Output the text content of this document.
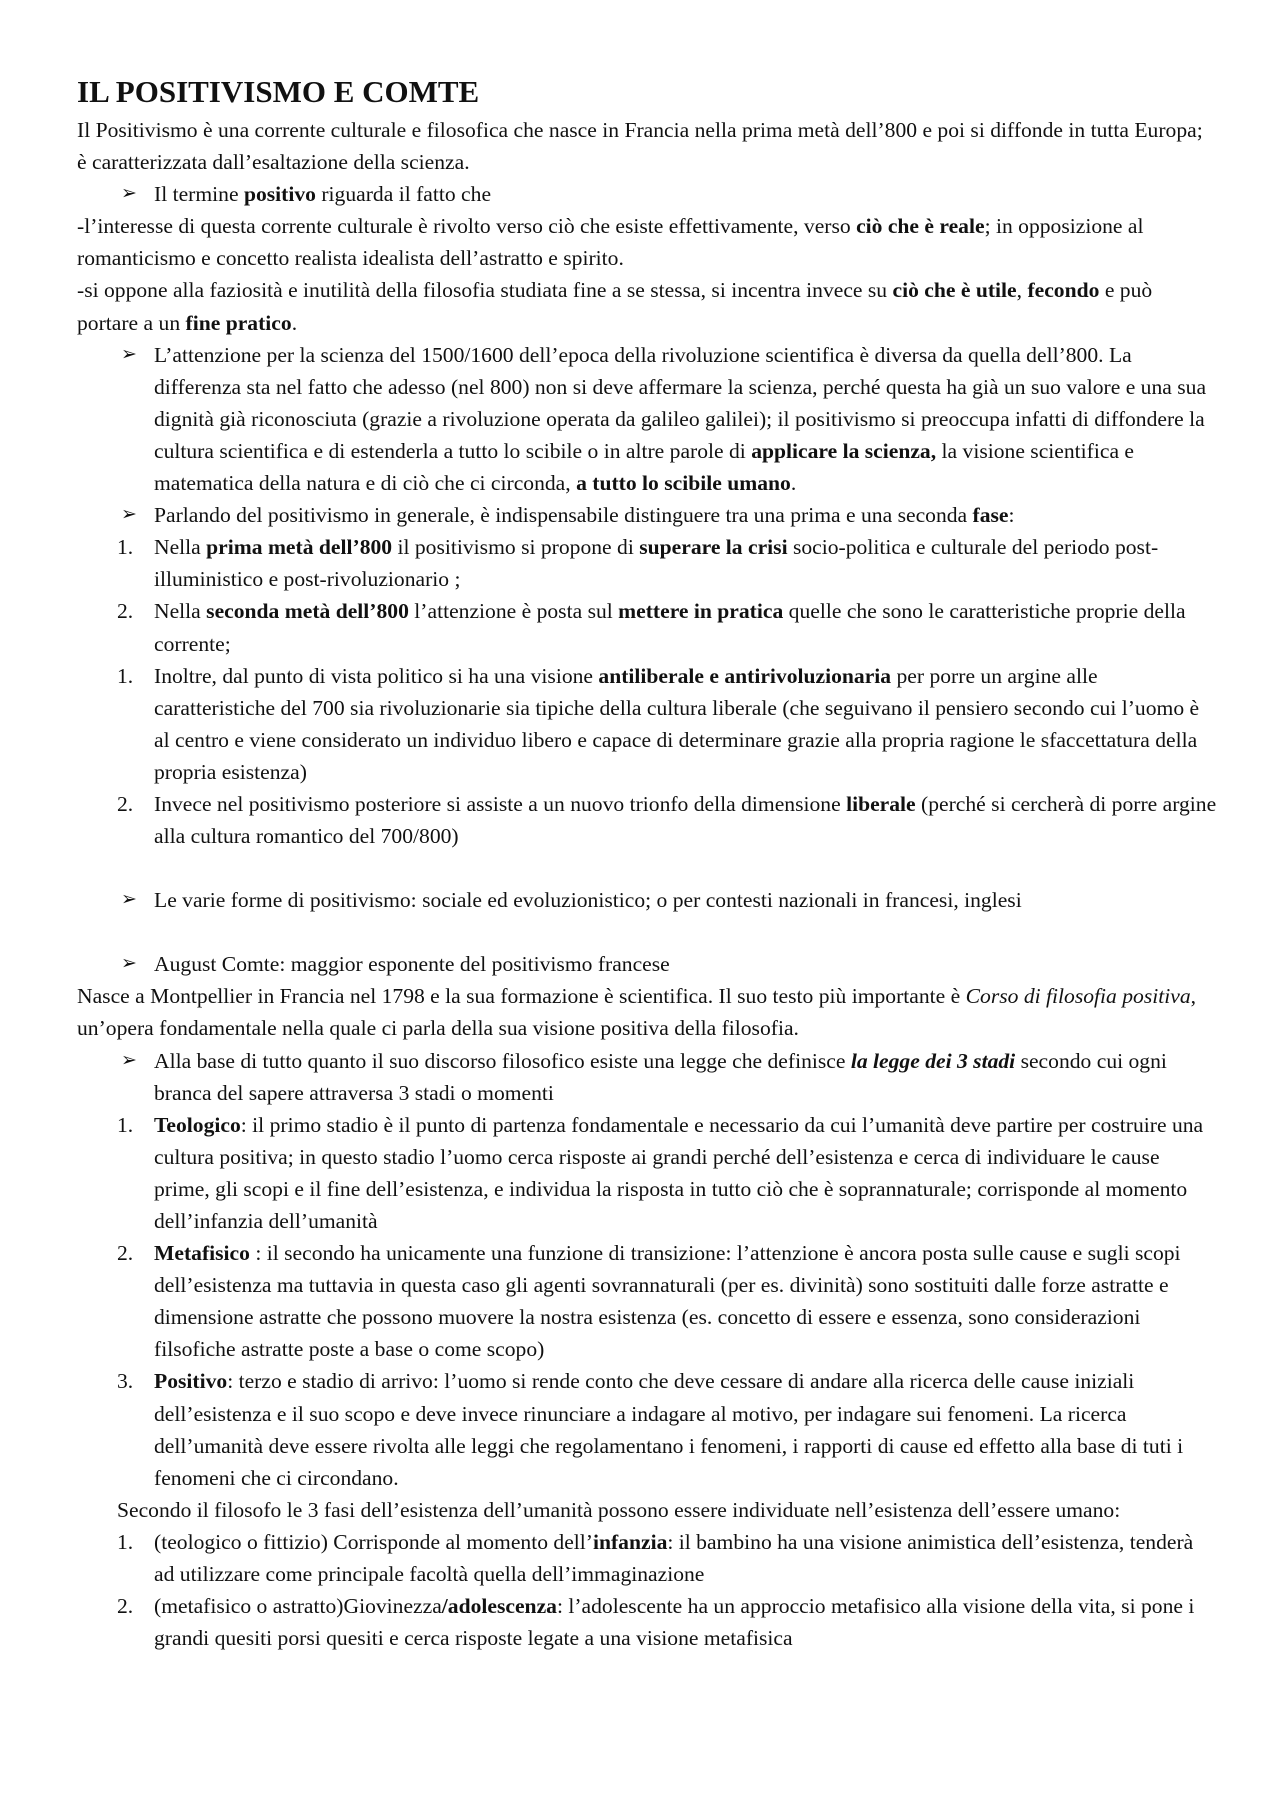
IL POSITIVISMO E COMTE

Il Positivismo è una corrente culturale e filosofica che nasce in Francia nella prima metà dell’800 e poi si diffonde in tutta Europa; è caratterizzata dall’esaltazione della scienza.

➢ Il termine positivo riguarda il fatto che

-l’interesse di questa corrente culturale è rivolto verso ciò che esiste effettivamente, verso ciò che è reale; in opposizione al romanticismo e concetto realista idealista dell’astratto e spirito.

-si oppone alla faziosità e inutilità della filosofia studiata fine a se stessa, si incentra invece su ciò che è utile, fecondo e può portare a un fine pratico.

➢ L’attenzione per la scienza del 1500/1600 dell’epoca della rivoluzione scientifica è diversa da quella dell’800. La differenza sta nel fatto che adesso (nel 800) non si deve affermare la scienza, perché questa ha già un suo valore e una sua dignità già riconosciuta (grazie a rivoluzione operata da galileo galilei); il positivismo si preoccupa infatti di diffondere la cultura scientifica e di estenderla a tutto lo scibile o in altre parole di applicare la scienza, la visione scientifica e matematica della natura e di ciò che ci circonda, a tutto lo scibile umano.

➢ Parlando del positivismo in generale, è indispensabile distinguere tra una prima e una seconda fase:

1. Nella prima metà dell’800 il positivismo si propone di superare la crisi socio-politica e culturale del periodo post-illuministico e post-rivoluzionario ;

2. Nella seconda metà dell’800 l’attenzione è posta sul mettere in pratica quelle che sono le caratteristiche proprie della corrente;

1. Inoltre, dal punto di vista politico si ha una visione antiliberale e antirivoluzionaria per porre un argine alle caratteristiche del 700 sia rivoluzionarie sia tipiche della cultura liberale (che seguivano il pensiero secondo cui l’uomo è al centro e viene considerato un individuo libero e capace di determinare grazie alla propria ragione le sfaccettatura della propria esistenza)

2. Invece nel positivismo posteriore si assiste a un nuovo trionfo della dimensione liberale (perché si cercherà di porre argine alla cultura romantico del 700/800)

➢ Le varie forme di positivismo: sociale ed evoluzionistico; o per contesti nazionali in francesi, inglesi

➢ August Comte: maggior esponente del positivismo francese

Nasce a Montpellier in Francia nel 1798 e la sua formazione è scientifica. Il suo testo più importante è Corso di filosofia positiva, un’opera fondamentale nella quale ci parla della sua visione positiva della filosofia.

➢ Alla base di tutto quanto il suo discorso filosofico esiste una legge che definisce la legge dei 3 stadi secondo cui ogni branca del sapere attraversa 3 stadi o momenti

1. Teologico: il primo stadio è il punto di partenza fondamentale e necessario da cui l’umanità deve partire per costruire una cultura positiva; in questo stadio l’uomo cerca risposte ai grandi perché dell’esistenza e cerca di individuare le cause prime, gli scopi e il fine dell’esistenza, e individua la risposta in tutto ciò che è soprannaturale; corrisponde al momento dell’infanzia dell’umanità

2. Metafisico : il secondo ha unicamente una funzione di transizione: l’attenzione è ancora posta sulle cause e sugli scopi dell’esistenza ma tuttavia in questa caso gli agenti sovrannaturali (per es. divinità) sono sostituiti dalle forze astratte e dimensione astratte che possono muovere la nostra esistenza (es. concetto di essere e essenza, sono considerazioni filsofiche astratte poste a base o come scopo)

3. Positivo: terzo e stadio di arrivo: l’uomo si rende conto che deve cessare di andare alla ricerca delle cause iniziali dell’esistenza e il suo scopo e deve invece rinunciare a indagare al motivo, per indagare sui fenomeni. La ricerca dell’umanità deve essere rivolta alle leggi che regolamentano i fenomeni, i rapporti di cause ed effetto alla base di tuti i fenomeni che ci circondano.

Secondo il filosofo le 3 fasi dell’esistenza dell’umanità possono essere individuate nell’esistenza dell’essere umano:

1. (teologico o fittizio) Corrisponde al momento dell’infanzia: il bambino ha una visione animistica dell’esistenza, tenderà ad utilizzare come principale facoltà quella dell’immaginazione

2. (metafisico o astratto)Giovinezza/adolescenza: l’adolescente ha un approccio metafisico alla visione della vita, si pone i grandi quesiti porsi quesiti e cerca risposte legate a una visione metafisica
